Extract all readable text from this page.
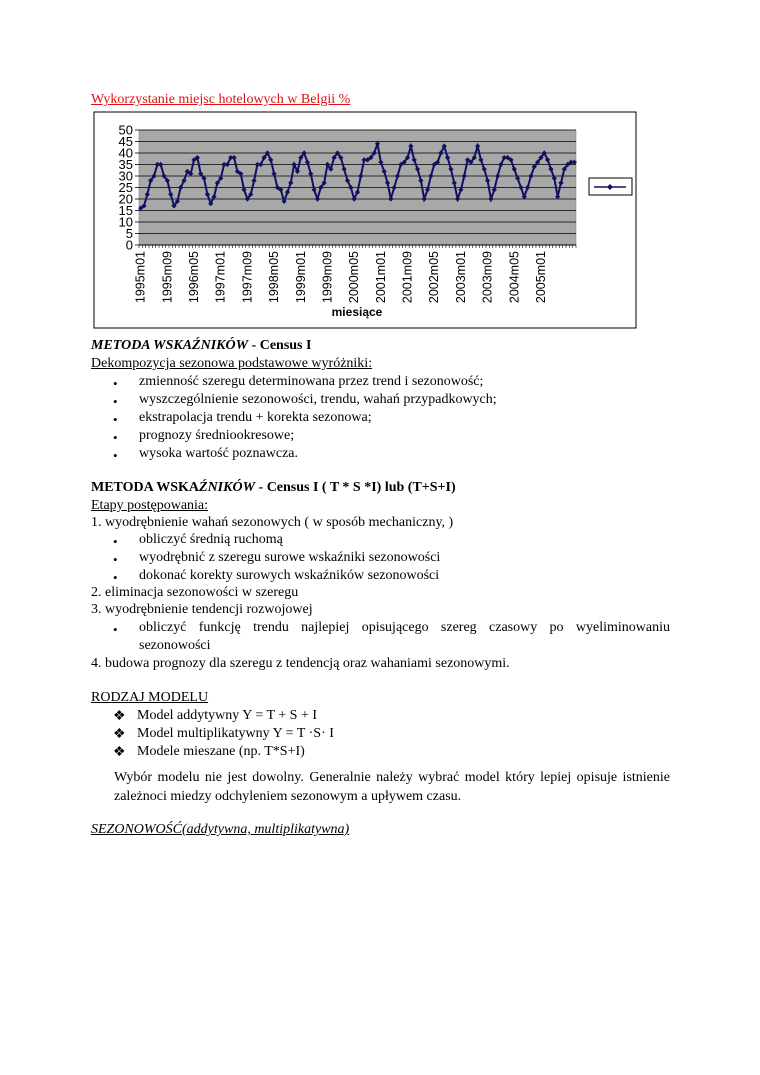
Wykorzystanie miejsc hotelowych w Belgii %
0
5
10
15
20
25
30
35
40
45
50
1995m01 1995m09 1996m05 1997m01 1997m09 1998m05 1999m01 1999m09 2000m05 2001m01 2001m09 2002m05 2003m01 2003m09 2004m05 2005m01
miesiące
METODA WSKAŹNIKÓW - Census I
Dekompozycja sezonowa podstawowe wyróżniki:
• zmienność szeregu determinowana przez trend i sezonowość;
• wyszczególnienie sezonowości, trendu, wahań przypadkowych;
• ekstrapolacja trendu + korekta sezonowa;
• prognozy średniookresowe;
• wysoka wartość poznawcza.
METODA WSKAŹNIKÓW - Census I ( T * S *I) lub (T+S+I)
Etapy postępowania:
1. wyodrębnienie wahań sezonowych ( w sposób mechaniczny, )
• obliczyć średnią ruchomą
• wyodrębnić z szeregu surowe wskaźniki sezonowości
• dokonać korekty surowych wskaźników sezonowości
2. eliminacja sezonowości w szeregu
3. wyodrębnienie tendencji rozwojowej
• obliczyć funkcję trendu najlepiej opisującego szereg czasowy po wyeliminowaniu
sezonowości
4. budowa prognozy dla szeregu z tendencją oraz wahaniami sezonowymi.
RODZAJ MODELU
❖ Model addytywny Y = T + S + I
❖ Model multiplikatywny Y = T ·S· I
❖ Modele mieszane (np. T*S+I)
Wybór modelu nie jest dowolny. Generalnie należy wybrać model który lepiej opisuje istnienie zależnoci miedzy odchyleniem sezonowym a upływem czasu.
SEZONOWOŚĆ(addytywna, multiplikatywna)
